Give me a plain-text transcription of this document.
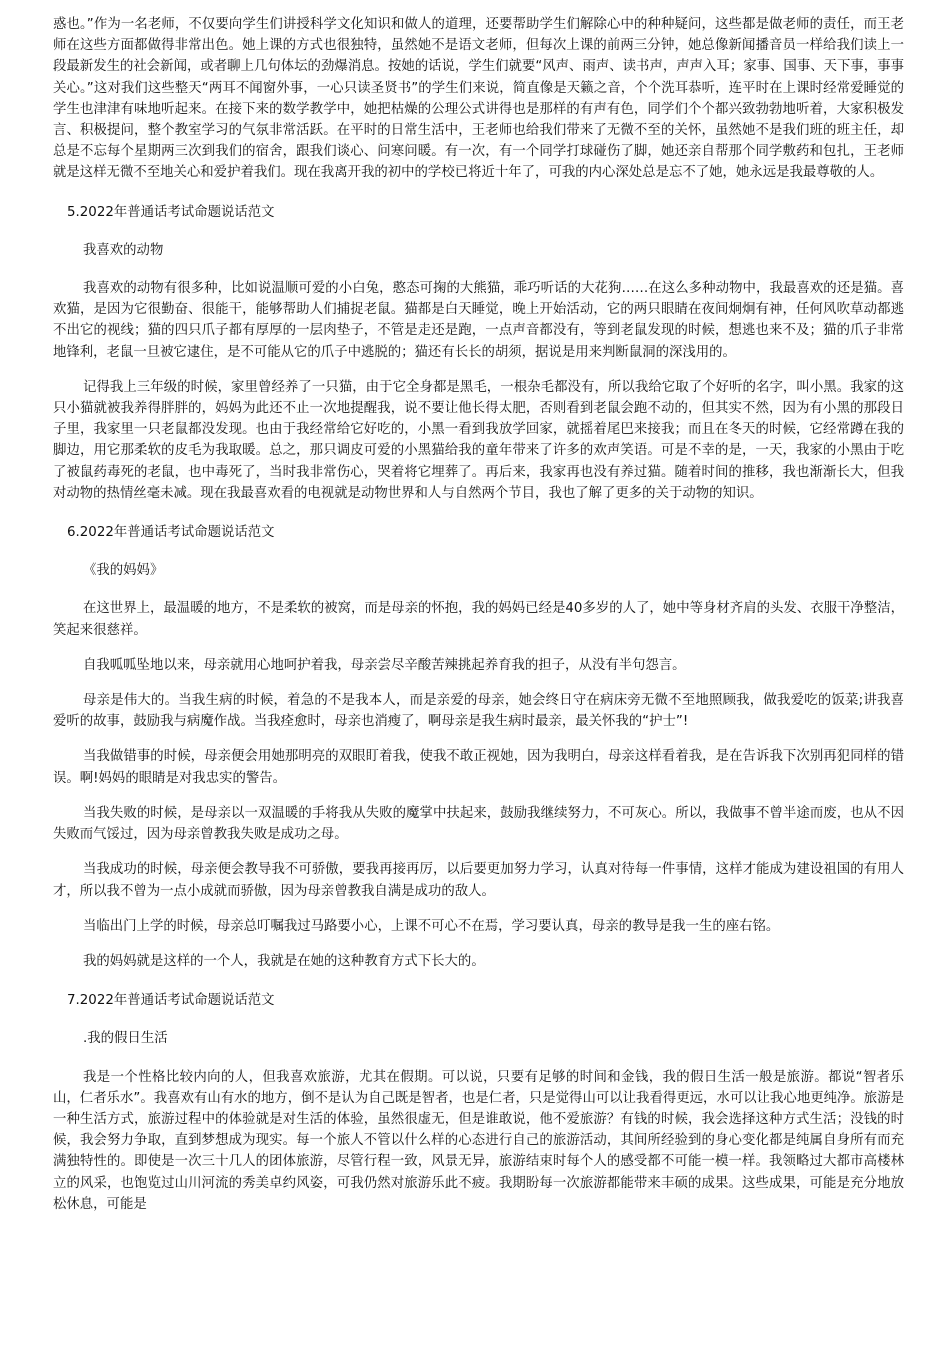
惑也。”作为一名老师，不仅要向学生们讲授科学文化知识和做人的道理，还要帮助学生们解除心中的种种疑问，这些都是做老师的责任，而王老师在这些方面都做得非常出色。她上课的方式也很独特，虽然她不是语文老师，但每次上课的前两三分钟，她总像新闻播音员一样给我们读上一段最新发生的社会新闻，或者聊上几句体坛的劲爆消息。按她的话说，学生们就要“风声、雨声、读书声，声声入耳；家事、国事、天下事，事事关心。”这对我们这些整天“两耳不闻窗外事，一心只读圣贤书”的学生们来说，简直像是天籁之音，个个洗耳恭听，连平时在上课时经常爱睡觉的学生也津津有味地听起来。在接下来的数学教学中，她把枯燥的公理公式讲得也是那样的有声有色，同学们个个都兴致勃勃地听着，大家积极发言、积极提问，整个教室学习的气氛非常活跃。在平时的日常生活中，王老师也给我们带来了无微不至的关怀，虽然她不是我们班的班主任，却总是不忘每个星期两三次到我们的宿舍，跟我们谈心、问寒问暖。有一次，有一个同学打球碰伤了脚，她还亲自帮那个同学敷药和包扎，王老师就是这样无微不至地关心和爱护着我们。现在我离开我的初中的学校已将近十年了，可我的内心深处总是忘不了她，她永远是我最尊敬的人。

5.2022年普通话考试命题说话范文
我喜欢的动物

我喜欢的动物有很多种，比如说温顺可爱的小白兔，憨态可掬的大熊猫，乖巧听话的大花狗……在这么多种动物中，我最喜欢的还是猫。喜欢猫，是因为它很勤奋、很能干，能够帮助人们捕捉老鼠。猫都是白天睡觉，晚上开始活动，它的两只眼睛在夜间炯炯有神，任何风吹草动都逃不出它的视线；猫的四只爪子都有厚厚的一层肉垫子，不管是走还是跑，一点声音都没有，等到老鼠发现的时候，想逃也来不及；猫的爪子非常地锋利，老鼠一旦被它逮住，是不可能从它的爪子中逃脱的；猫还有长长的胡须，据说是用来判断鼠洞的深浅用的。

记得我上三年级的时候，家里曾经养了一只猫，由于它全身都是黑毛，一根杂毛都没有，所以我给它取了个好听的名字，叫小黑。我家的这只小猫就被我养得胖胖的，妈妈为此还不止一次地提醒我，说不要让他长得太肥，否则看到老鼠会跑不动的，但其实不然，因为有小黑的那段日子里，我家里一只老鼠都没发现。也由于我经常给它好吃的，小黑一看到我放学回家，就摇着尾巴来接我；而且在冬天的时候，它经常蹲在我的脚边，用它那柔软的皮毛为我取暖。总之，那只调皮可爱的小黑猫给我的童年带来了许多的欢声笑语。可是不幸的是，一天，我家的小黑由于吃了被鼠药毒死的老鼠，也中毒死了，当时我非常伤心，哭着将它埋葬了。再后来，我家再也没有养过猫。随着时间的推移，我也渐渐长大，但我对动物的热情丝毫未减。现在我最喜欢看的电视就是动物世界和人与自然两个节目，我也了解了更多的关于动物的知识。

6.2022年普通话考试命题说话范文
《我的妈妈》

在这世界上，最温暖的地方，不是柔软的被窝，而是母亲的怀抱，我的妈妈已经是40多岁的人了，她中等身材齐肩的头发、衣服干净整洁，笑起来很慈祥。

自我呱呱坠地以来，母亲就用心地呵护着我，母亲尝尽辛酸苦辣挑起养育我的担子，从没有半句怨言。

母亲是伟大的。当我生病的时候，着急的不是我本人，而是亲爱的母亲，她会终日守在病床旁无微不至地照顾我，做我爱吃的饭菜;讲我喜爱听的故事，鼓励我与病魔作战。当我痊愈时，母亲也消瘦了，啊母亲是我生病时最亲，最关怀我的“护士”!

当我做错事的时候，母亲便会用她那明亮的双眼盯着我，使我不敢正视她，因为我明白，母亲这样看着我，是在告诉我下次别再犯同样的错误。啊!妈妈的眼睛是对我忠实的警告。

当我失败的时候，是母亲以一双温暖的手将我从失败的魔掌中扶起来，鼓励我继续努力，不可灰心。所以，我做事不曾半途而废，也从不因失败而气馁过，因为母亲曾教我失败是成功之母。

当我成功的时候，母亲便会教导我不可骄傲，要我再接再厉，以后要更加努力学习，认真对待每一件事情，这样才能成为建设祖国的有用人才，所以我不曾为一点小成就而骄傲，因为母亲曾教我自满是成功的敌人。

当临出门上学的时候，母亲总叮嘱我过马路要小心，上课不可心不在焉，学习要认真，母亲的教导是我一生的座右铭。

我的妈妈就是这样的一个人，我就是在她的这种教育方式下长大的。

7.2022年普通话考试命题说话范文
.我的假日生活

我是一个性格比较内向的人，但我喜欢旅游，尤其在假期。可以说，只要有足够的时间和金钱，我的假日生活一般是旅游。都说“智者乐山，仁者乐水”。我喜欢有山有水的地方，倒不是认为自己既是智者，也是仁者，只是觉得山可以让我看得更远，水可以让我心地更纯净。旅游是一种生活方式，旅游过程中的体验就是对生活的体验，虽然很虚无，但是谁敢说，他不爱旅游？有钱的时候，我会选择这种方式生活；没钱的时候，我会努力争取，直到梦想成为现实。每一个旅人不管以什么样的心态进行自己的旅游活动，其间所经验到的身心变化都是纯属自身所有而充满独特性的。即使是一次三十几人的团体旅游，尽管行程一致，风景无异，旅游结束时每个人的感受都不可能一模一样。我领略过大都市高楼林立的风采，也饱览过山川河流的秀美卓约风姿，可我仍然对旅游乐此不疲。我期盼每一次旅游都能带来丰硕的成果。这些成果，可能是充分地放松休息，可能是
